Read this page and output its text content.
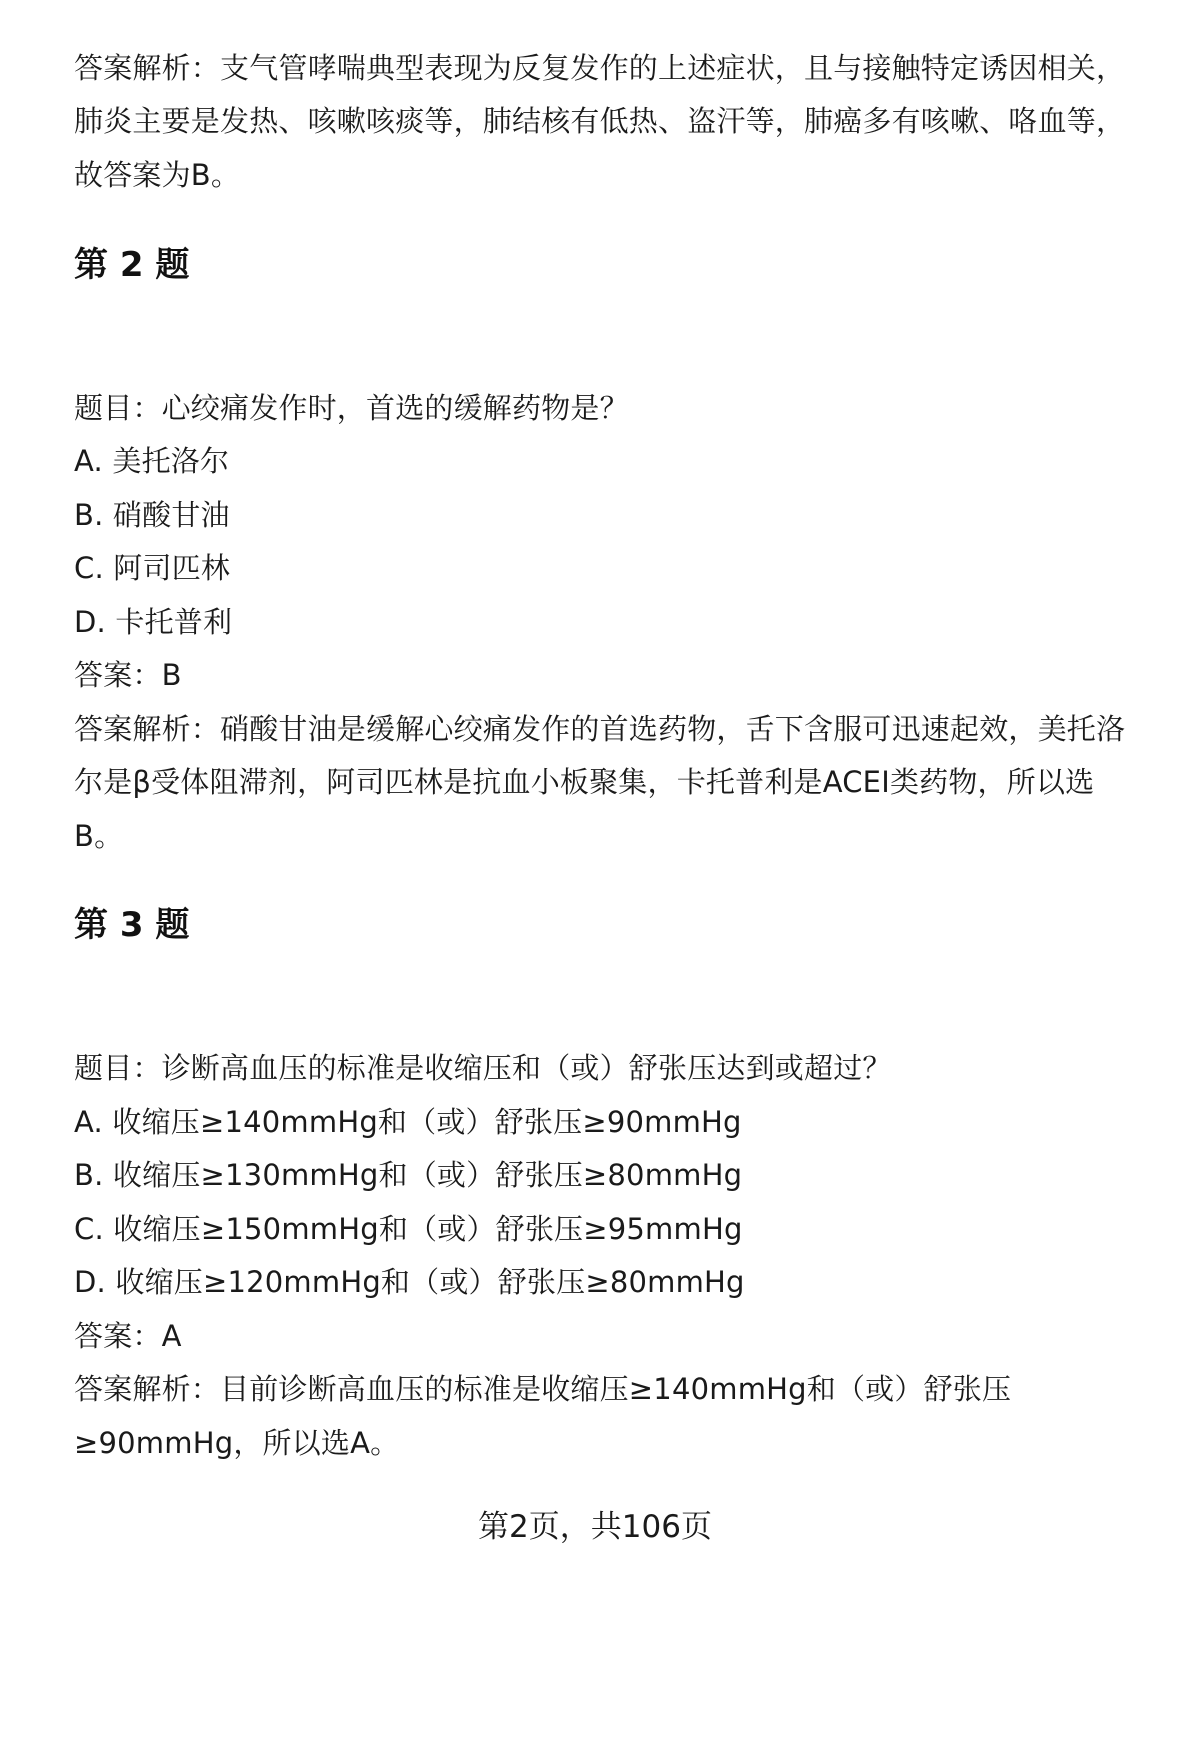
答案解析：支气管哮喘典型表现为反复发作的上述症状，且与接触特定诱因相关，
肺炎主要是发热、咳嗽咳痰等，肺结核有低热、盗汗等，肺癌多有咳嗽、咯血等，
故答案为B。
第 2 题
题目：心绞痛发作时，首选的缓解药物是？
A. 美托洛尔
B. 硝酸甘油
C. 阿司匹林
D. 卡托普利
答案：B
答案解析：硝酸甘油是缓解心绞痛发作的首选药物，舌下含服可迅速起效，美托洛
尔是β受体阻滞剂，阿司匹林是抗血小板聚集，卡托普利是ACEI类药物，所以选
B。
第 3 题
题目：诊断高血压的标准是收缩压和（或）舒张压达到或超过？
A. 收缩压≥140mmHg和（或）舒张压≥90mmHg
B. 收缩压≥130mmHg和（或）舒张压≥80mmHg
C. 收缩压≥150mmHg和（或）舒张压≥95mmHg
D. 收缩压≥120mmHg和（或）舒张压≥80mmHg
答案：A
答案解析：目前诊断高血压的标准是收缩压≥140mmHg和（或）舒张压
≥90mmHg，所以选A。
第2页，共106页
